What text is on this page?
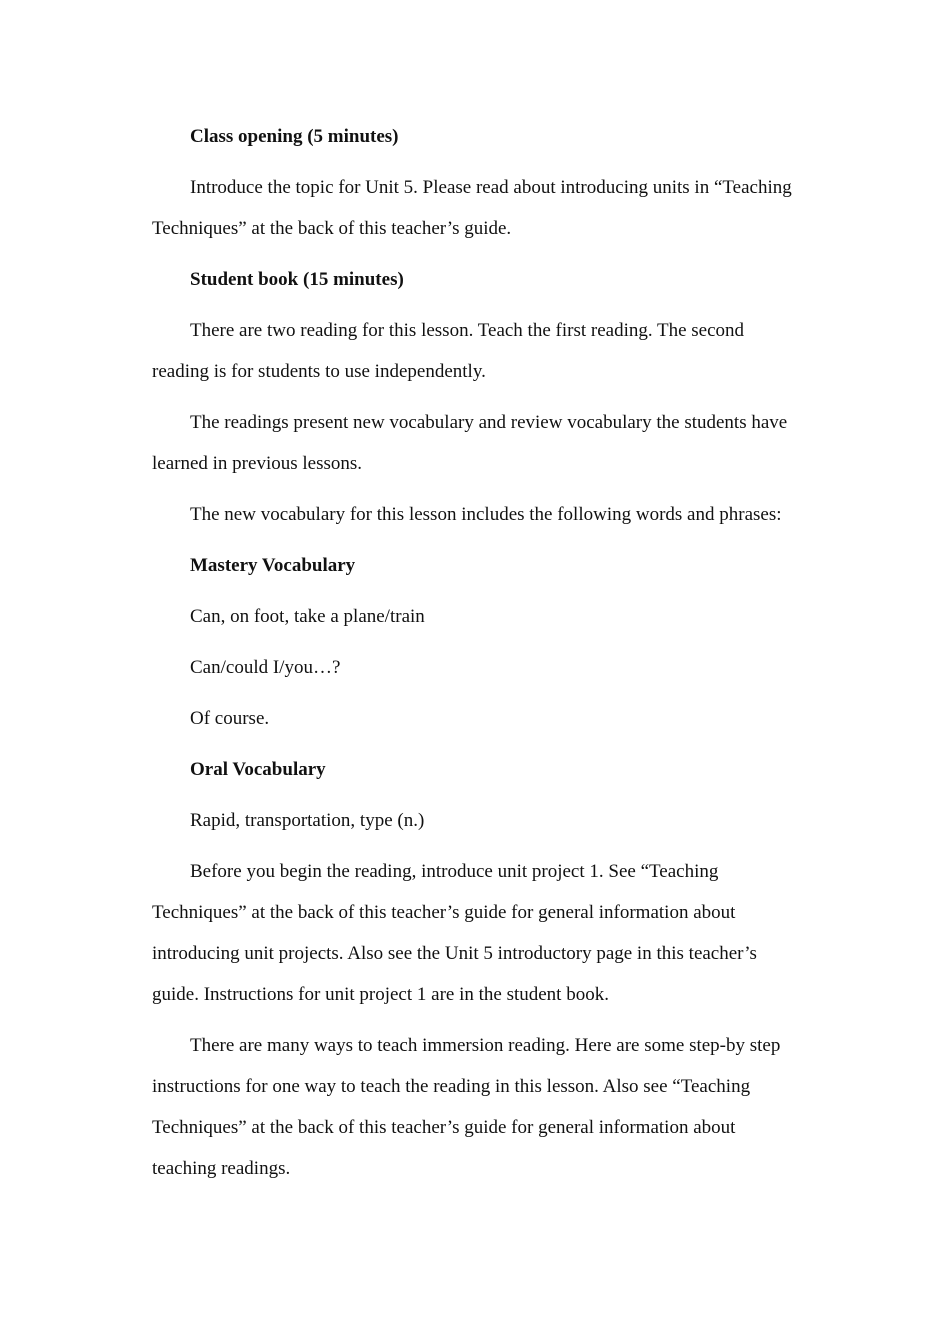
Class opening (5 minutes)

Introduce the topic for Unit 5. Please read about introducing units in “Teaching Techniques” at the back of this teacher’s guide.

Student book (15 minutes)

There are two reading for this lesson. Teach the first reading. The second reading is for students to use independently.

The readings present new vocabulary and review vocabulary the students have learned in previous lessons.

The new vocabulary for this lesson includes the following words and phrases:

Mastery Vocabulary

Can, on foot, take a plane/train

Can/could I/you…?

Of course.

Oral Vocabulary

Rapid, transportation, type (n.)

Before you begin the reading, introduce unit project 1. See “Teaching Techniques” at the back of this teacher’s guide for general information about introducing unit projects. Also see the Unit 5 introductory page in this teacher’s guide. Instructions for unit project 1 are in the student book.

There are many ways to teach immersion reading. Here are some step-by step instructions for one way to teach the reading in this lesson. Also see “Teaching Techniques” at the back of this teacher’s guide for general information about teaching readings.
